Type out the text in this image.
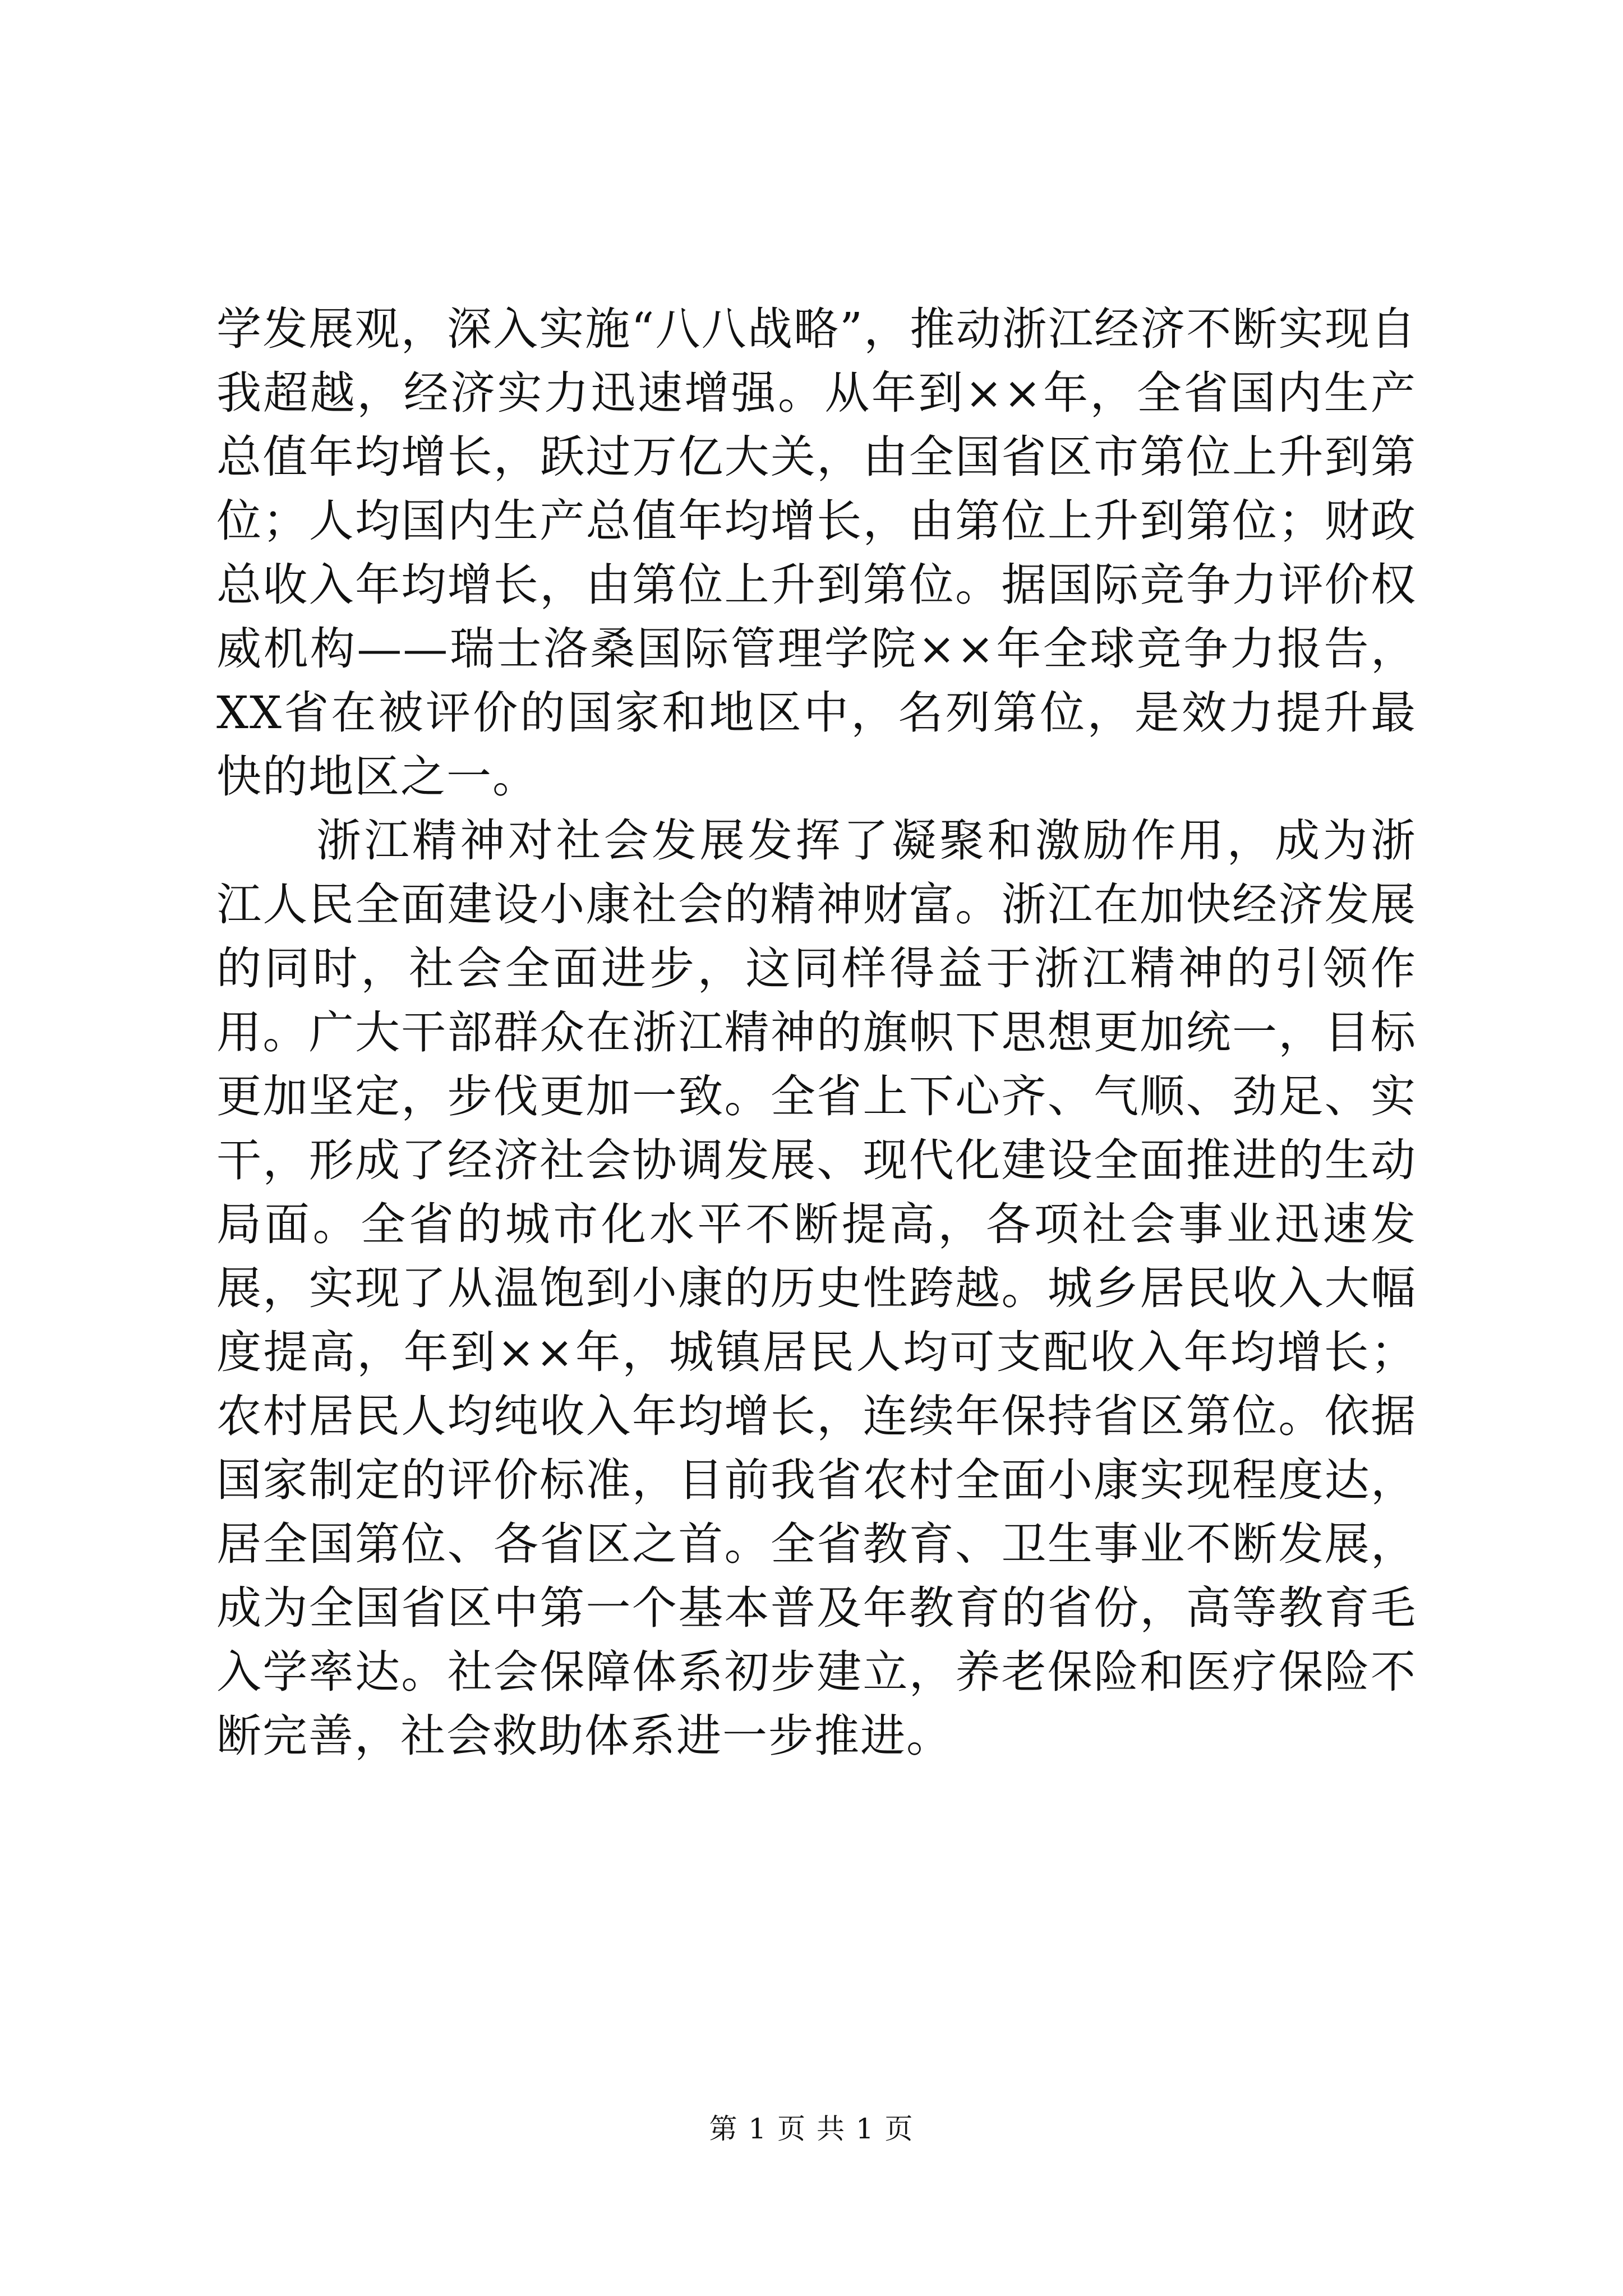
学发展观，深入实施“八八战略”，推动浙江经济不断实现自我超越，经济实力迅速增强。从年到××年，全省国内生产总值年均增长，跃过万亿大关，由全国省区市第位上升到第位；人均国内生产总值年均增长，由第位上升到第位；财政总收入年均增长，由第位上升到第位。据国际竞争力评价权威机构——瑞士洛桑国际管理学院××年全球竞争力报告，XX省在被评价的国家和地区中，名列第位，是效力提升最快的地区之一。

浙江精神对社会发展发挥了凝聚和激励作用，成为浙江人民全面建设小康社会的精神财富。浙江在加快经济发展的同时，社会全面进步，这同样得益于浙江精神的引领作用。广大干部群众在浙江精神的旗帜下思想更加统一，目标更加坚定，步伐更加一致。全省上下心齐、气顺、劲足、实干，形成了经济社会协调发展、现代化建设全面推进的生动局面。全省的城市化水平不断提高，各项社会事业迅速发展，实现了从温饱到小康的历史性跨越。城乡居民收入大幅度提高，年到××年，城镇居民人均可支配收入年均增长；农村居民人均纯收入年均增长，连续年保持省区第位。依据国家制定的评价标准，目前我省农村全面小康实现程度达，居全国第位、各省区之首。全省教育、卫生事业不断发展，成为全国省区中第一个基本普及年教育的省份，高等教育毛入学率达。社会保障体系初步建立，养老保险和医疗保险不断完善，社会救助体系进一步推进。

第 1 页 共 1 页
